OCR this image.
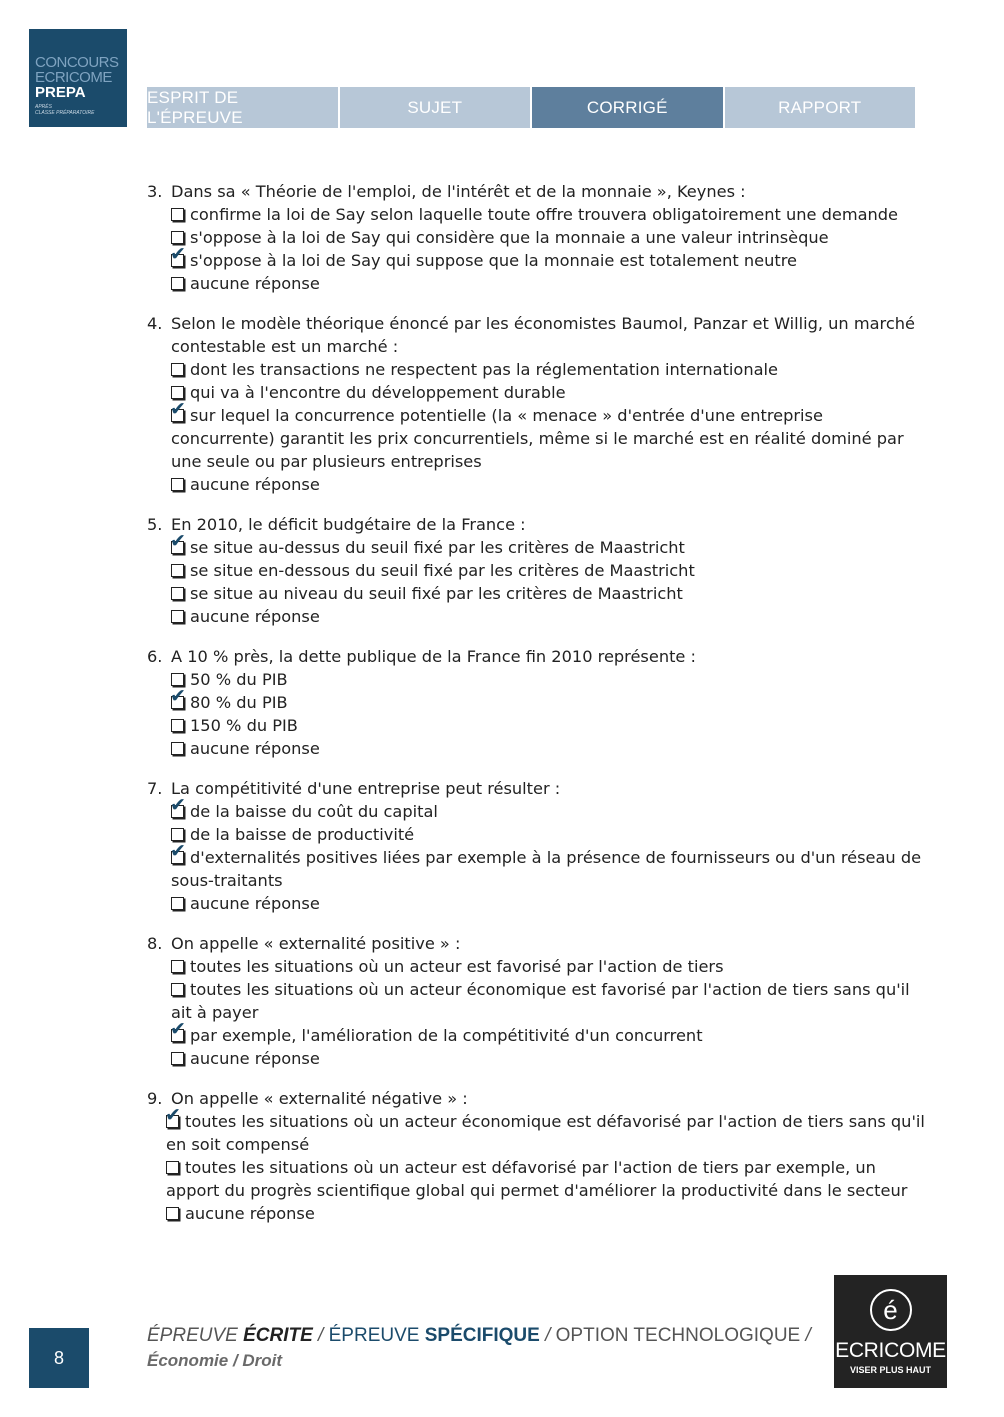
CONCOURS
ECRICOME
PREPA
APRÈS
CLASSE PRÉPARATOIRE
ESPRIT DE L'ÉPREUVE
SUJET	CORRIGÉ	RAPPORT
3. Dans sa « Théorie de l'emploi, de l'intérêt et de la monnaie », Keynes :
confirme la loi de Say selon laquelle toute offre trouvera obligatoirement une demande
s'oppose à la loi de Say qui considère que la monnaie a une valeur intrinsèque
✔ s'oppose à la loi de Say qui suppose que la monnaie est totalement neutre
aucune réponse
4. Selon le modèle théorique énoncé par les économistes Baumol, Panzar et Willig, un marché contestable est un marché :
dont les transactions ne respectent pas la réglementation internationale
qui va à l'encontre du développement durable
✔ sur lequel la concurrence potentielle (la « menace » d'entrée d'une entreprise concurrente) garantit les prix concurrentiels, même si le marché est en réalité dominé par une seule ou par plusieurs entreprises
aucune réponse
5. En 2010, le déficit budgétaire de la France :
✔ se situe au-dessus du seuil fixé par les critères de Maastricht
se situe en-dessous du seuil fixé par les critères de Maastricht
se situe au niveau du seuil fixé par les critères de Maastricht
aucune réponse
6. A 10 % près, la dette publique de la France fin 2010 représente :
50 % du PIB
✔ 80 % du PIB
150 % du PIB
aucune réponse
7. La compétitivité d'une entreprise peut résulter :
✔ de la baisse du coût du capital
de la baisse de productivité
✔ d'externalités positives liées par exemple à la présence de fournisseurs ou d'un réseau de sous-traitants
aucune réponse
8. On appelle « externalité positive » :
toutes les situations où un acteur est favorisé par l'action de tiers
toutes les situations où un acteur économique est favorisé par l'action de tiers sans qu'il ait à payer
✔ par exemple, l'amélioration de la compétitivité d'un concurrent
aucune réponse
9. On appelle « externalité négative » :
✔ toutes les situations où un acteur économique est défavorisé par l'action de tiers sans qu'il en soit compensé
toutes les situations où un acteur est défavorisé par l'action de tiers par exemple, un apport du progrès scientifique global qui permet d'améliorer la productivité dans le secteur
aucune réponse
8
ÉPREUVE ÉCRITE / ÉPREUVE SPÉCIFIQUE / OPTION TECHNOLOGIQUE /
Économie / Droit
é
ECRICOME
VISER PLUS HAUT
